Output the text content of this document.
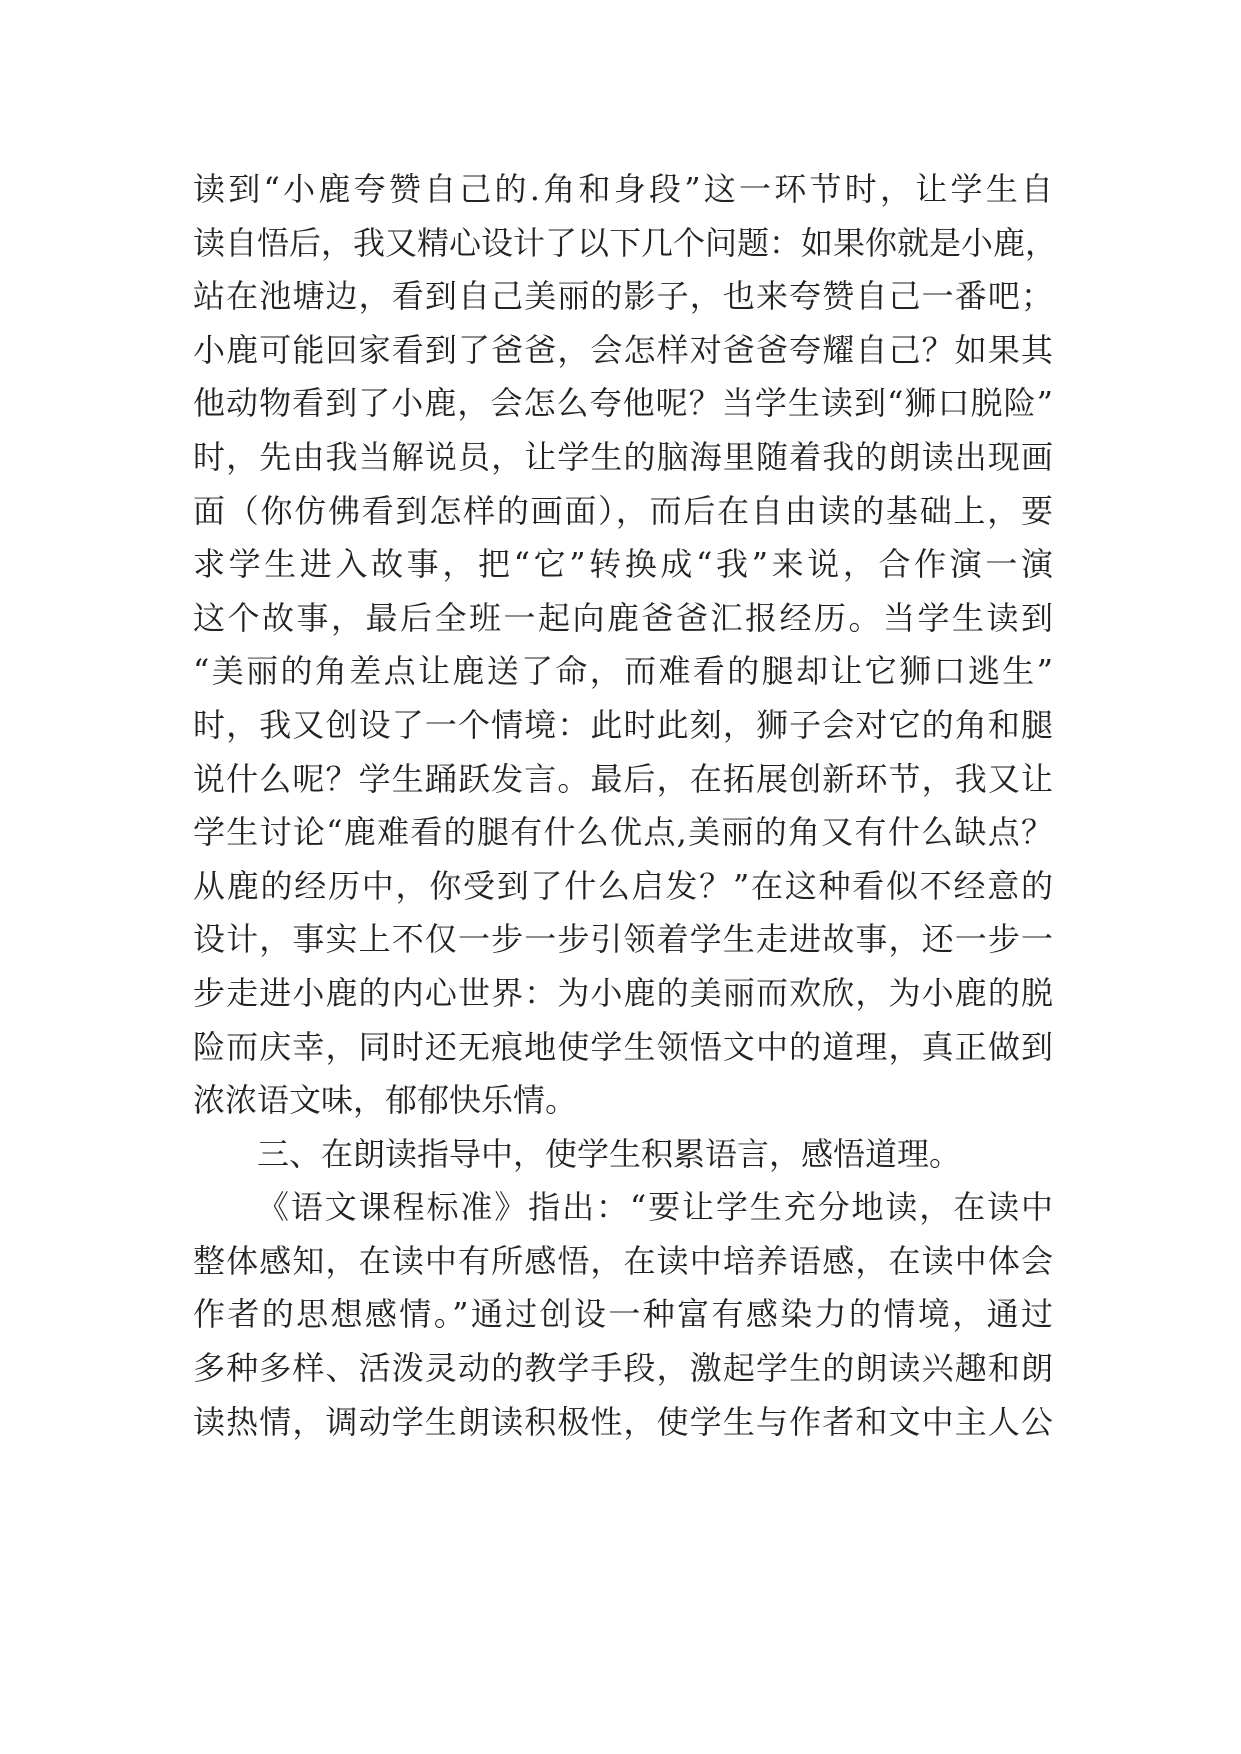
读到“小鹿夸赞自己的.角和身段”这一环节时，让学生自
读自悟后，我又精心设计了以下几个问题：如果你就是小鹿，
站在池塘边，看到自己美丽的影子，也来夸赞自己一番吧；
小鹿可能回家看到了爸爸，会怎样对爸爸夸耀自己？如果其
他动物看到了小鹿，会怎么夸他呢？当学生读到“狮口脱险”
时，先由我当解说员，让学生的脑海里随着我的朗读出现画
面（你仿佛看到怎样的画面），而后在自由读的基础上，要
求学生进入故事，把“它”转换成“我”来说，合作演一演
这个故事，最后全班一起向鹿爸爸汇报经历。当学生读到
“美丽的角差点让鹿送了命，而难看的腿却让它狮口逃生”
时，我又创设了一个情境：此时此刻，狮子会对它的角和腿
说什么呢？学生踊跃发言。最后，在拓展创新环节，我又让
学生讨论“鹿难看的腿有什么优点,美丽的角又有什么缺点？
从鹿的经历中，你受到了什么启发？”在这种看似不经意的
设计，事实上不仅一步一步引领着学生走进故事，还一步一
步走进小鹿的内心世界：为小鹿的美丽而欢欣，为小鹿的脱
险而庆幸，同时还无痕地使学生领悟文中的道理，真正做到
浓浓语文味，郁郁快乐情。
三、在朗读指导中，使学生积累语言，感悟道理。
《语文课程标准》指出：“要让学生充分地读，在读中
整体感知，在读中有所感悟，在读中培养语感，在读中体会
作者的思想感情。”通过创设一种富有感染力的情境，通过
多种多样、活泼灵动的教学手段，激起学生的朗读兴趣和朗
读热情，调动学生朗读积极性，使学生与作者和文中主人公
